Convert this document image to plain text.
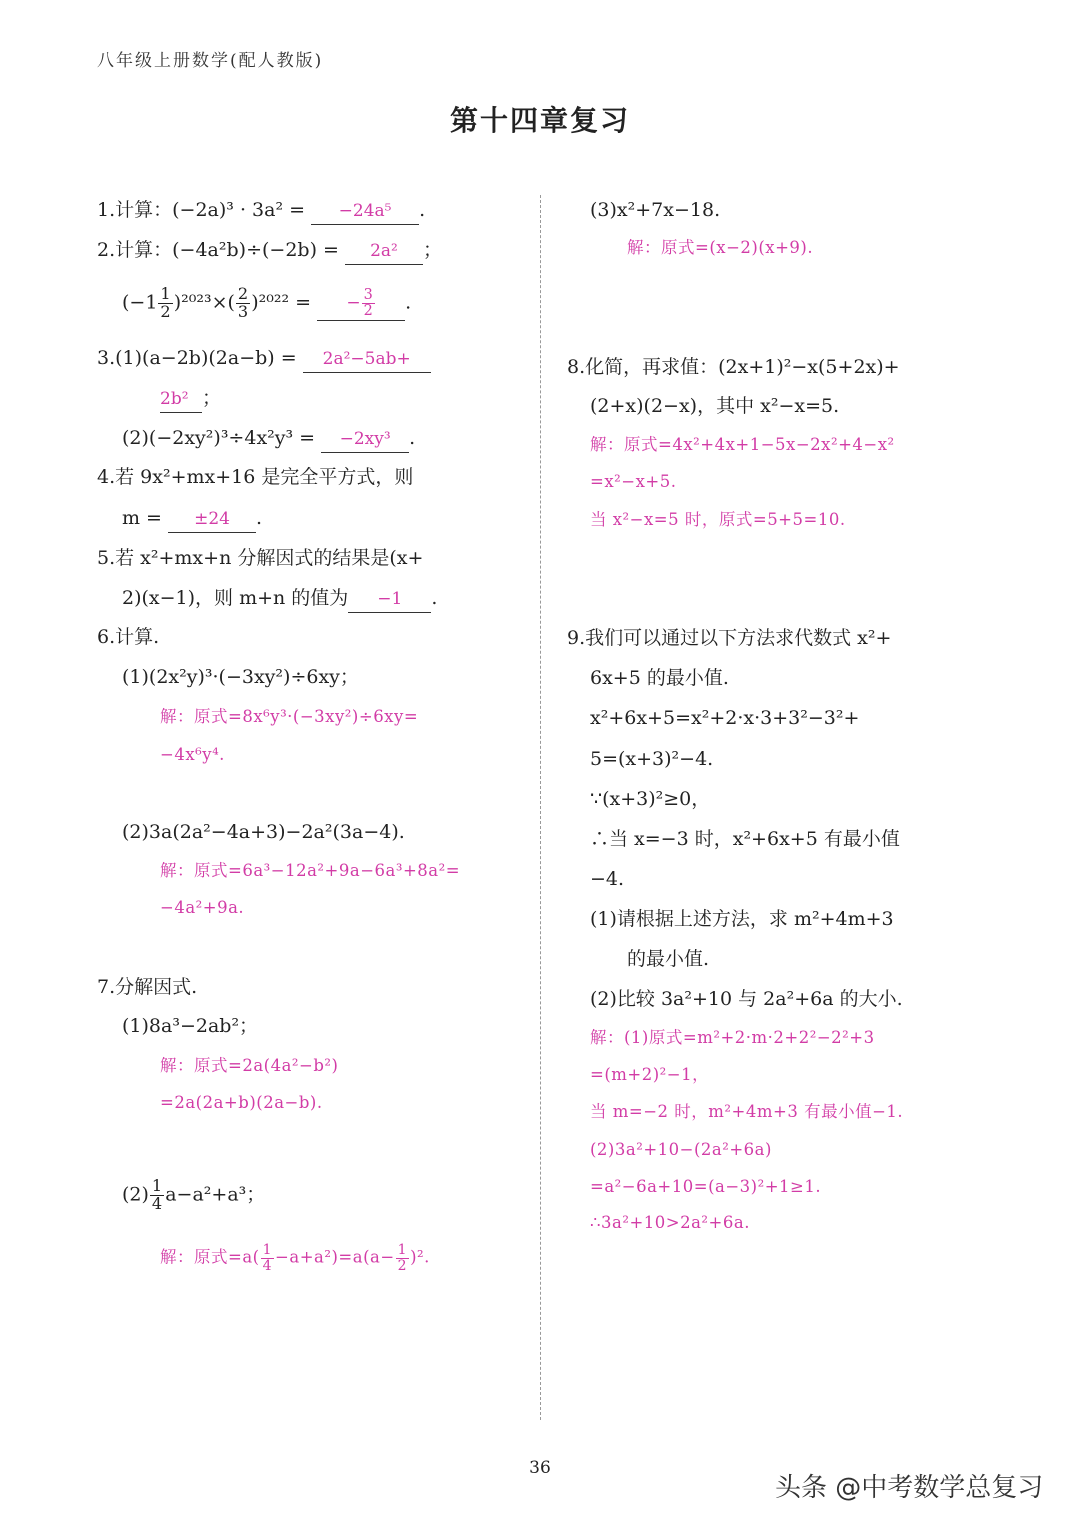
八年级上册数学(配人教版)
第十四章复习
1.计算：(−2a)³ · 3a² = −24a⁵ .
2.计算：(−4a²b)÷(−2b) = 2a² ；
$(-1 \frac{1}{2} )^{2023}\times( \frac{2}{3} )^{2022}$ = − $\frac{3}{2}$ .
3.(1)(a−2b)(2a−b) = 2a²−5ab+
2b² ；
(2)(−2xy²)³÷4x²y³ = −2xy³ .
4.若 9x²+mx+16 是完全平方式，则
m = ±24 .
5.若 x²+mx+n 分解因式的结果是(x+
2)(x−1)，则 m+n 的值为 −1 .
6.计算.
(1)(2x²y)³·(−3xy²)÷6xy；
解：原式=8x⁶y³·(−3xy²)÷6xy=
−4x⁶y⁴.
(2)3a(2a²−4a+3)−2a²(3a−4).
解：原式=6a³−12a²+9a−6a³+8a²=
−4a²+9a.
7.分解因式.
(1)8a³−2ab²；
解：原式=2a(4a²−b²)
=2a(2a+b)(2a−b).
$(2) \frac{1}{4} a-a^2+a^3$；
解：原式$=a( \frac{1}{4} -a+a^2)=a(a- \frac{1}{2} )^2$.
(3)x²+7x−18.
解：原式=(x−2)(x+9).
8.化简，再求值：(2x+1)²−x(5+2x)+
(2+x)(2−x)，其中 x²−x=5.
解：原式=4x²+4x+1−5x−2x²+4−x²
=x²−x+5.
当 x²−x=5 时，原式=5+5=10.
9.我们可以通过以下方法求代数式 x²+
6x+5 的最小值.
x²+6x+5=x²+2·x·3+3²−3²+
5=(x+3)²−4.
∵(x+3)²≥0，
∴当 x=−3 时，x²+6x+5 有最小值
−4.
(1)请根据上述方法，求 m²+4m+3
的最小值.
(2)比较 3a²+10 与 2a²+6a 的大小.
解：(1)原式=m²+2·m·2+2²−2²+3
=(m+2)²−1，
当 m=−2 时，m²+4m+3 有最小值−1.
(2)3a²+10−(2a²+6a)
=a²−6a+10=(a−3)²+1≥1.
∴3a²+10>2a²+6a.
36
头条 @中考数学总复习
